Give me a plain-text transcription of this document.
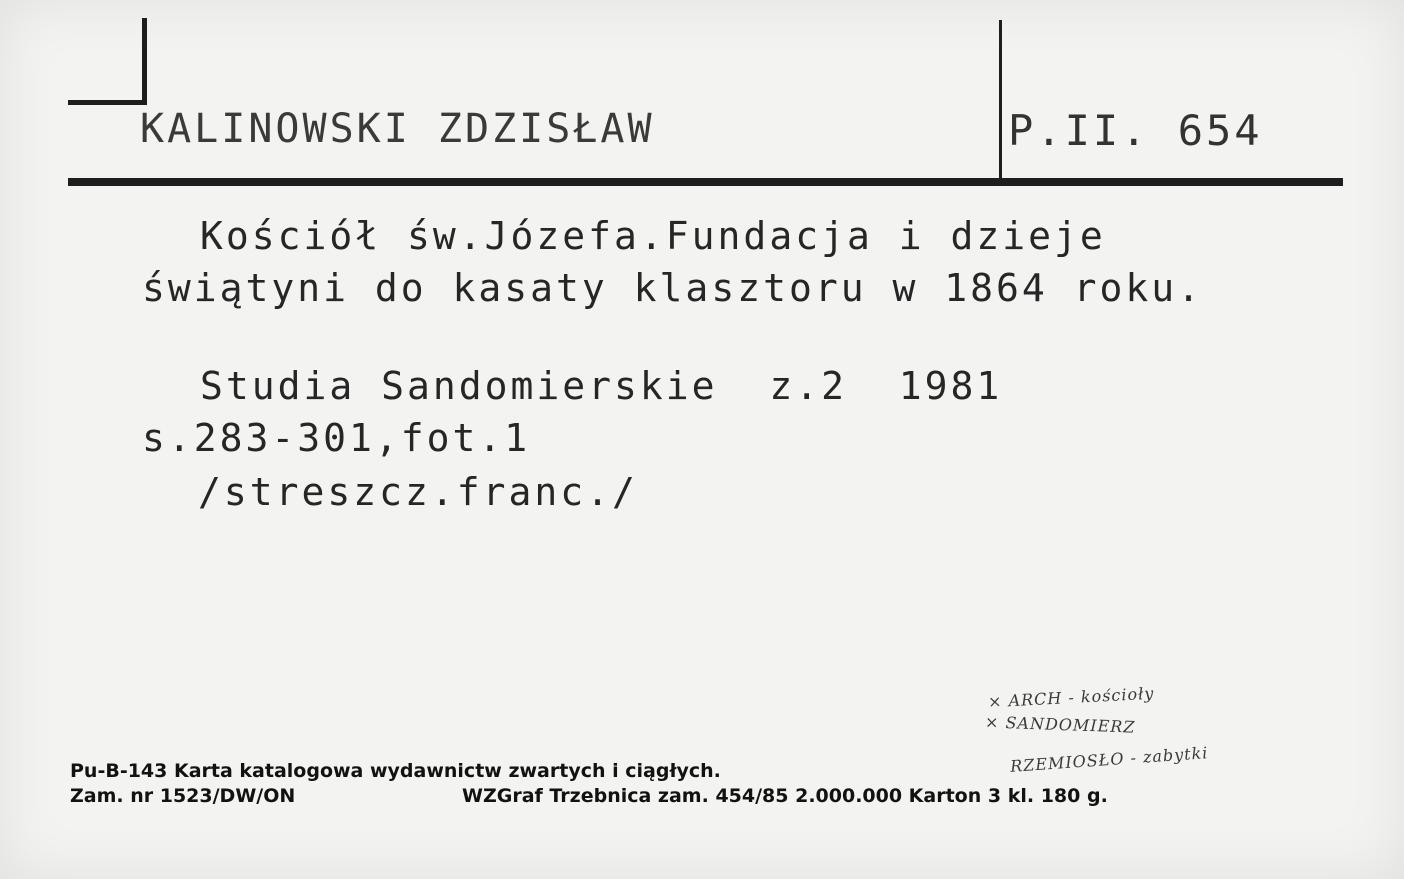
KALINOWSKI ZDZISŁAW	P.II. 654
Kościół św.Józefa.Fundacja i dzieje
świątyni do kasaty klasztoru w 1864 roku.
Studia Sandomierskie  z.2  1981
s.283-301,fot.1
/streszcz.franc./
× ARCH - kościoły
× SANDOMIERZ
RZEMIOSŁO - zabytki
Pu-B-143 Karta katalogowa wydawnictw zwartych i ciągłych.
Zam. nr 1523/DW/ON	WZGraf Trzebnica zam. 454/85 2.000.000 Karton 3 kl. 180 g.
